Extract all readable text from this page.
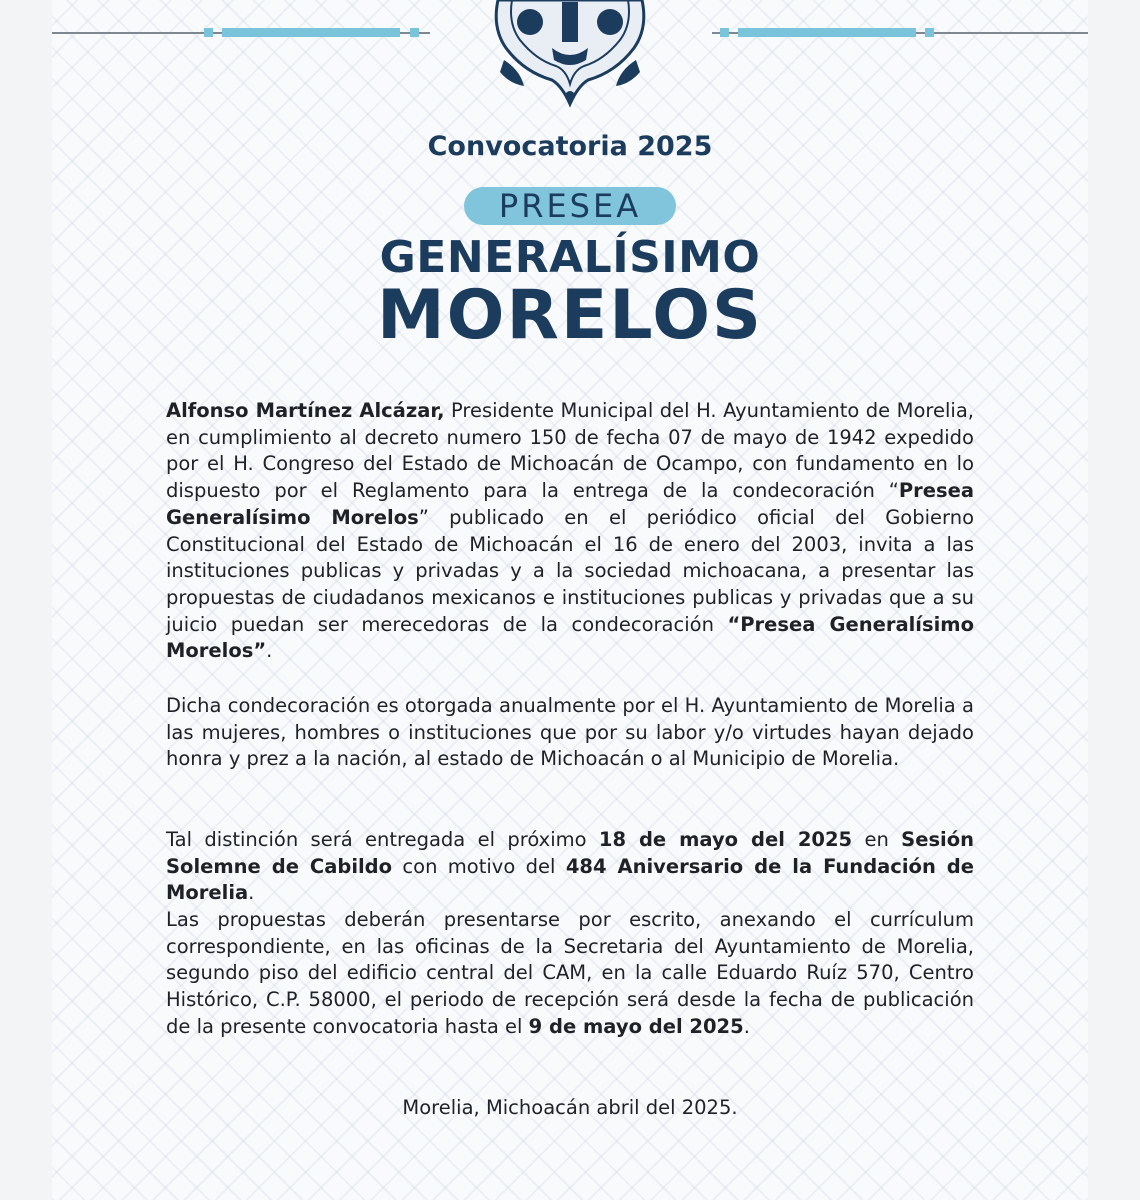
Convocatoria 2025
PRESEA
GENERALÍSIMO
MORELOS

Alfonso Martínez Alcázar, Presidente Municipal del H. Ayuntamiento de Morelia, en cumplimiento al decreto numero 150 de fecha 07 de mayo de 1942 expedido por el H. Congreso del Estado de Michoacán de Ocampo, con fundamento en lo dispuesto por el Reglamento para la entrega de la condecoración “Presea Generalísimo Morelos” publicado en el periódico oficial del Gobierno Constitucional del Estado de Michoacán el 16 de enero del 2003, invita a las instituciones publicas y privadas y a la sociedad michoacana, a presentar las propuestas de ciudadanos mexicanos e instituciones publicas y privadas que a su juicio puedan ser merecedoras de la condecoración “Presea Generalísimo Morelos”.

Dicha condecoración es otorgada anualmente por el H. Ayuntamiento de Morelia a las mujeres, hombres o instituciones que por su labor y/o virtudes hayan dejado honra y prez a la nación, al estado de Michoacán o al Municipio de Morelia.

Tal distinción será entregada el próximo 18 de mayo del 2025 en Sesión Solemne de Cabildo con motivo del 484 Aniversario de la Fundación de Morelia.

Las propuestas deberán presentarse por escrito, anexando el currículum correspondiente, en las oficinas de la Secretaria del Ayuntamiento de Morelia, segundo piso del edificio central del CAM, en la calle Eduardo Ruíz 570, Centro Histórico, C.P. 58000, el periodo de recepción será desde la fecha de publicación de la presente convocatoria hasta el 9 de mayo del 2025.

Morelia, Michoacán abril del 2025.
